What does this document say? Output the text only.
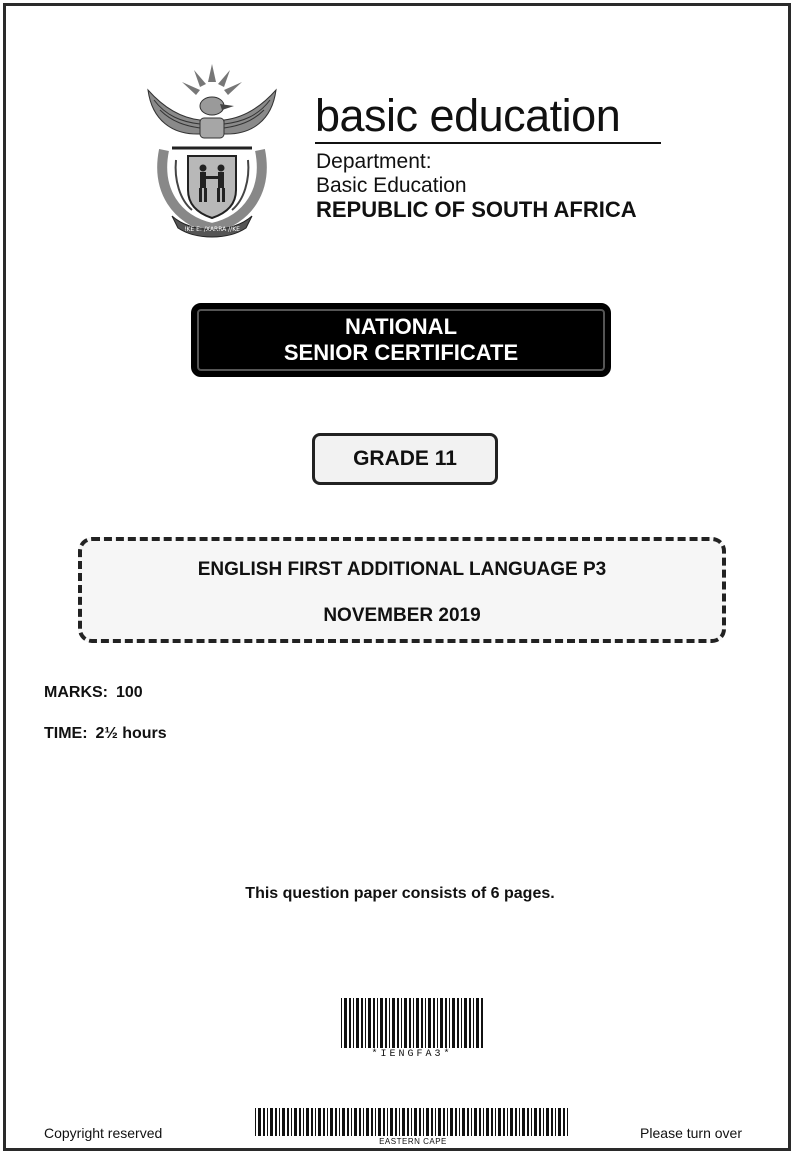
!KE E: /XARRA //KE
basic education
Department:
Basic Education
REPUBLIC OF SOUTH AFRICA
NATIONAL
SENIOR CERTIFICATE
GRADE 11
ENGLISH FIRST ADDITIONAL LANGUAGE P3
NOVEMBER 2019
MARKS: 100
TIME: 2½ hours
This question paper consists of 6 pages.
*IENGFA3*
EASTERN CAPE
Copyright reserved	Please turn over
